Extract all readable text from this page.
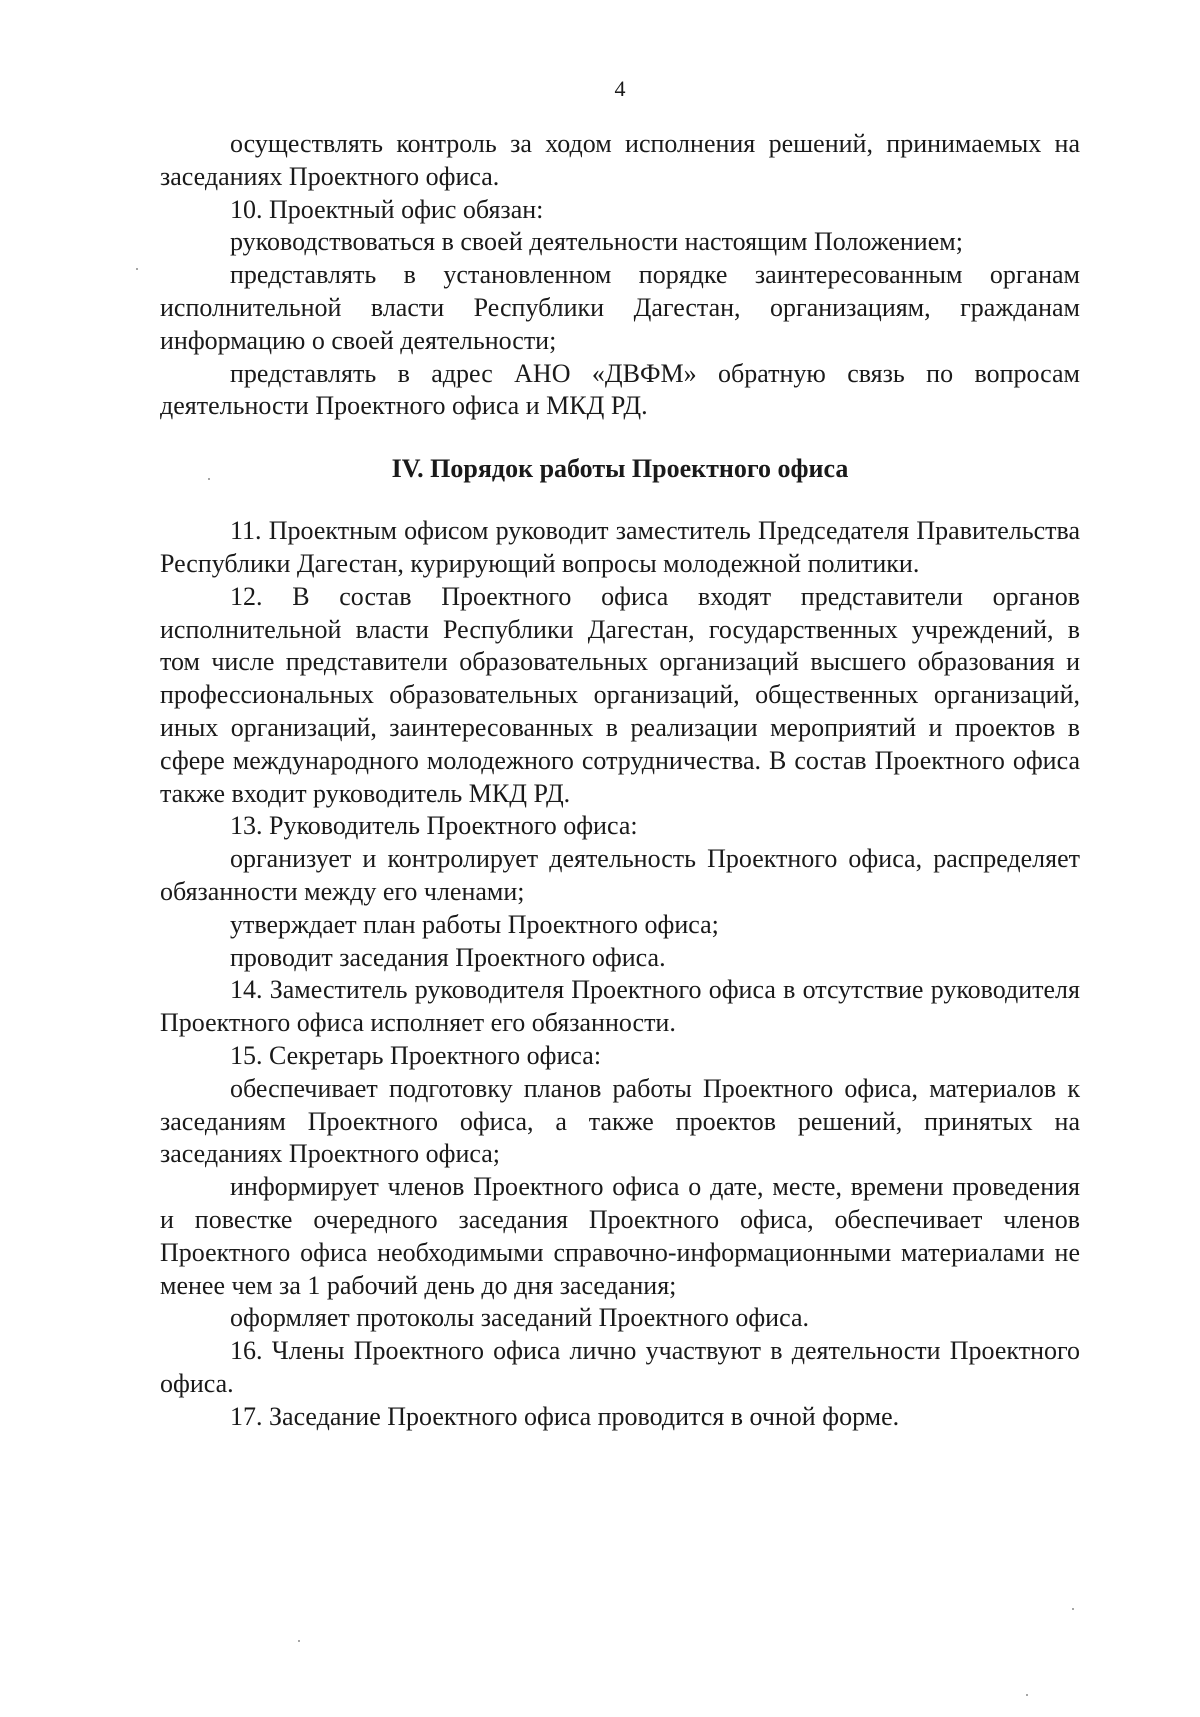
4

осуществлять контроль за ходом исполнения решений, принимаемых на заседаниях Проектного офиса.

10. Проектный офис обязан:

руководствоваться в своей деятельности настоящим Положением;

представлять в установленном порядке заинтересованным органам исполнительной власти Республики Дагестан, организациям, гражданам информацию о своей деятельности;

представлять в адрес АНО «ДВФМ» обратную связь по вопросам деятельности Проектного офиса и МКД РД.

IV. Порядок работы Проектного офиса

11. Проектным офисом руководит заместитель Председателя Правительства Республики Дагестан, курирующий вопросы молодежной политики.

12. В состав Проектного офиса входят представители органов исполнительной власти Республики Дагестан, государственных учреждений, в том числе представители образовательных организаций высшего образования и профессиональных образовательных организаций, общественных организаций, иных организаций, заинтересованных в реализации мероприятий и проектов в сфере международного молодежного сотрудничества. В состав Проектного офиса также входит руководитель МКД РД.

13. Руководитель Проектного офиса:

организует и контролирует деятельность Проектного офиса, распределяет обязанности между его членами;

утверждает план работы Проектного офиса;

проводит заседания Проектного офиса.

14. Заместитель руководителя Проектного офиса в отсутствие руководителя Проектного офиса исполняет его обязанности.

15. Секретарь Проектного офиса:

обеспечивает подготовку планов работы Проектного офиса, материалов к заседаниям Проектного офиса, а также проектов решений, принятых на заседаниях Проектного офиса;

информирует членов Проектного офиса о дате, месте, времени проведения и повестке очередного заседания Проектного офиса, обеспечивает членов Проектного офиса необходимыми справочно-информационными материалами не менее чем за 1 рабочий день до дня заседания;

оформляет протоколы заседаний Проектного офиса.

16. Члены Проектного офиса лично участвуют в деятельности Проектного офиса.

17. Заседание Проектного офиса проводится в очной форме.
